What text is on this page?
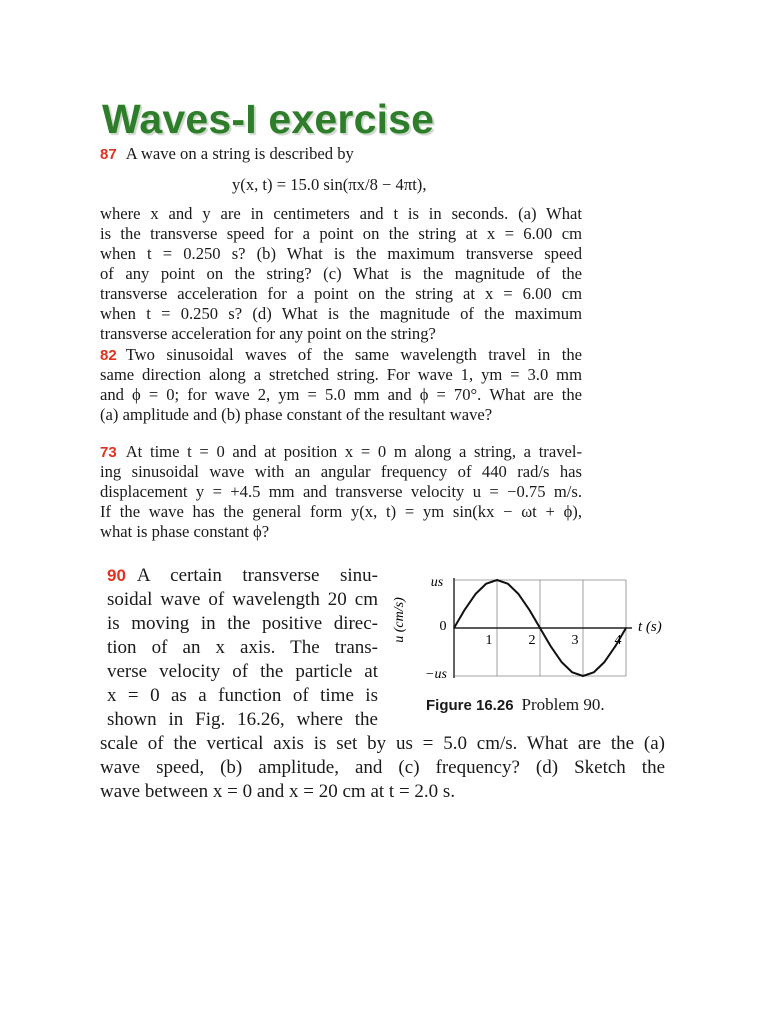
Waves-I exercise
87 A wave on a string is described by
y(x, t) = 15.0 sin(πx/8 − 4πt),
where x and y are in centimeters and t is in seconds. (a) What
is the transverse speed for a point on the string at x = 6.00 cm
when t = 0.250 s? (b) What is the maximum transverse speed
of any point on the string? (c) What is the magnitude of the
transverse acceleration for a point on the string at x = 6.00 cm
when t = 0.250 s? (d) What is the magnitude of the maximum
transverse acceleration for any point on the string?
82 Two sinusoidal waves of the same wavelength travel in the
same direction along a stretched string. For wave 1, ym = 3.0 mm
and ϕ = 0; for wave 2, ym = 5.0 mm and ϕ = 70°. What are the
(a) amplitude and (b) phase constant of the resultant wave?
73 At time t = 0 and at position x = 0 m along a string, a travel-
ing sinusoidal wave with an angular frequency of 440 rad/s has
displacement y = +4.5 mm and transverse velocity u = −0.75 m/s.
If the wave has the general form y(x, t) = ym sin(kx − ωt + ϕ),
what is phase constant ϕ?
90 A certain transverse sinu-
soidal wave of wavelength 20 cm
is moving in the positive direc-
tion of an x axis. The trans-
verse velocity of the particle at
x = 0 as a function of time is
shown in Fig. 16.26, where the
scale of the vertical axis is set by us = 5.0 cm/s. What are the (a)
wave speed, (b) amplitude, and (c) frequency? (d) Sketch the
wave between x = 0 and x = 20 cm at t = 2.0 s.
u (cm/s)
us
0
−us
t (s)
1	2	3	4
Figure 16.26 Problem 90.
